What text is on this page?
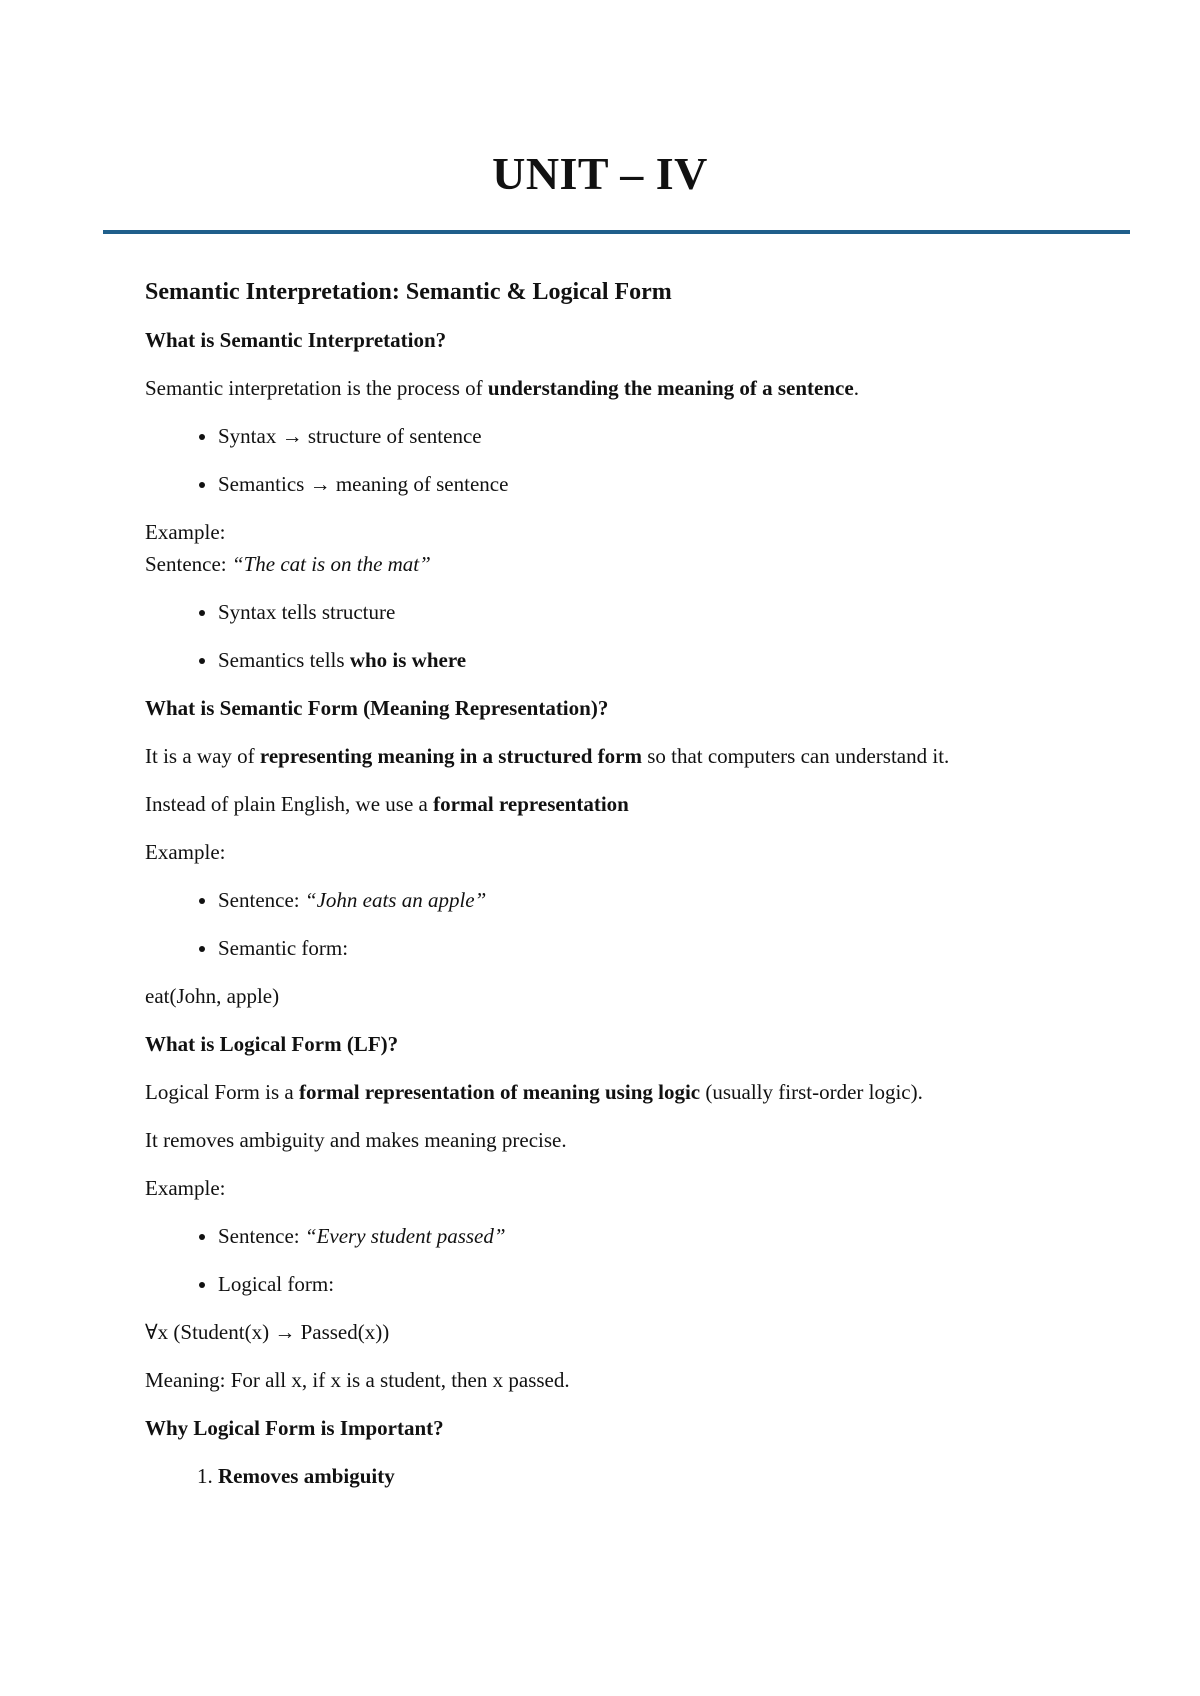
UNIT – IV
Semantic Interpretation: Semantic & Logical Form
What is Semantic Interpretation?

Semantic interpretation is the process of understanding the meaning of a sentence.

• Syntax → structure of sentence
• Semantics → meaning of sentence

Example:

Sentence: “The cat is on the mat”

• Syntax tells structure
• Semantics tells who is where
What is Semantic Form (Meaning Representation)?

It is a way of representing meaning in a structured form so that computers can understand it.

Instead of plain English, we use a formal representation

Example:

• Sentence: “John eats an apple”
• Semantic form:

eat(John, apple)

What is Logical Form (LF)?

Logical Form is a formal representation of meaning using logic (usually first-order logic).

It removes ambiguity and makes meaning precise.

Example:

• Sentence: “Every student passed”
• Logical form:

∀x (Student(x) → Passed(x))

Meaning: For all x, if x is a student, then x passed.

Why Logical Form is Important?
1. Removes ambiguity
